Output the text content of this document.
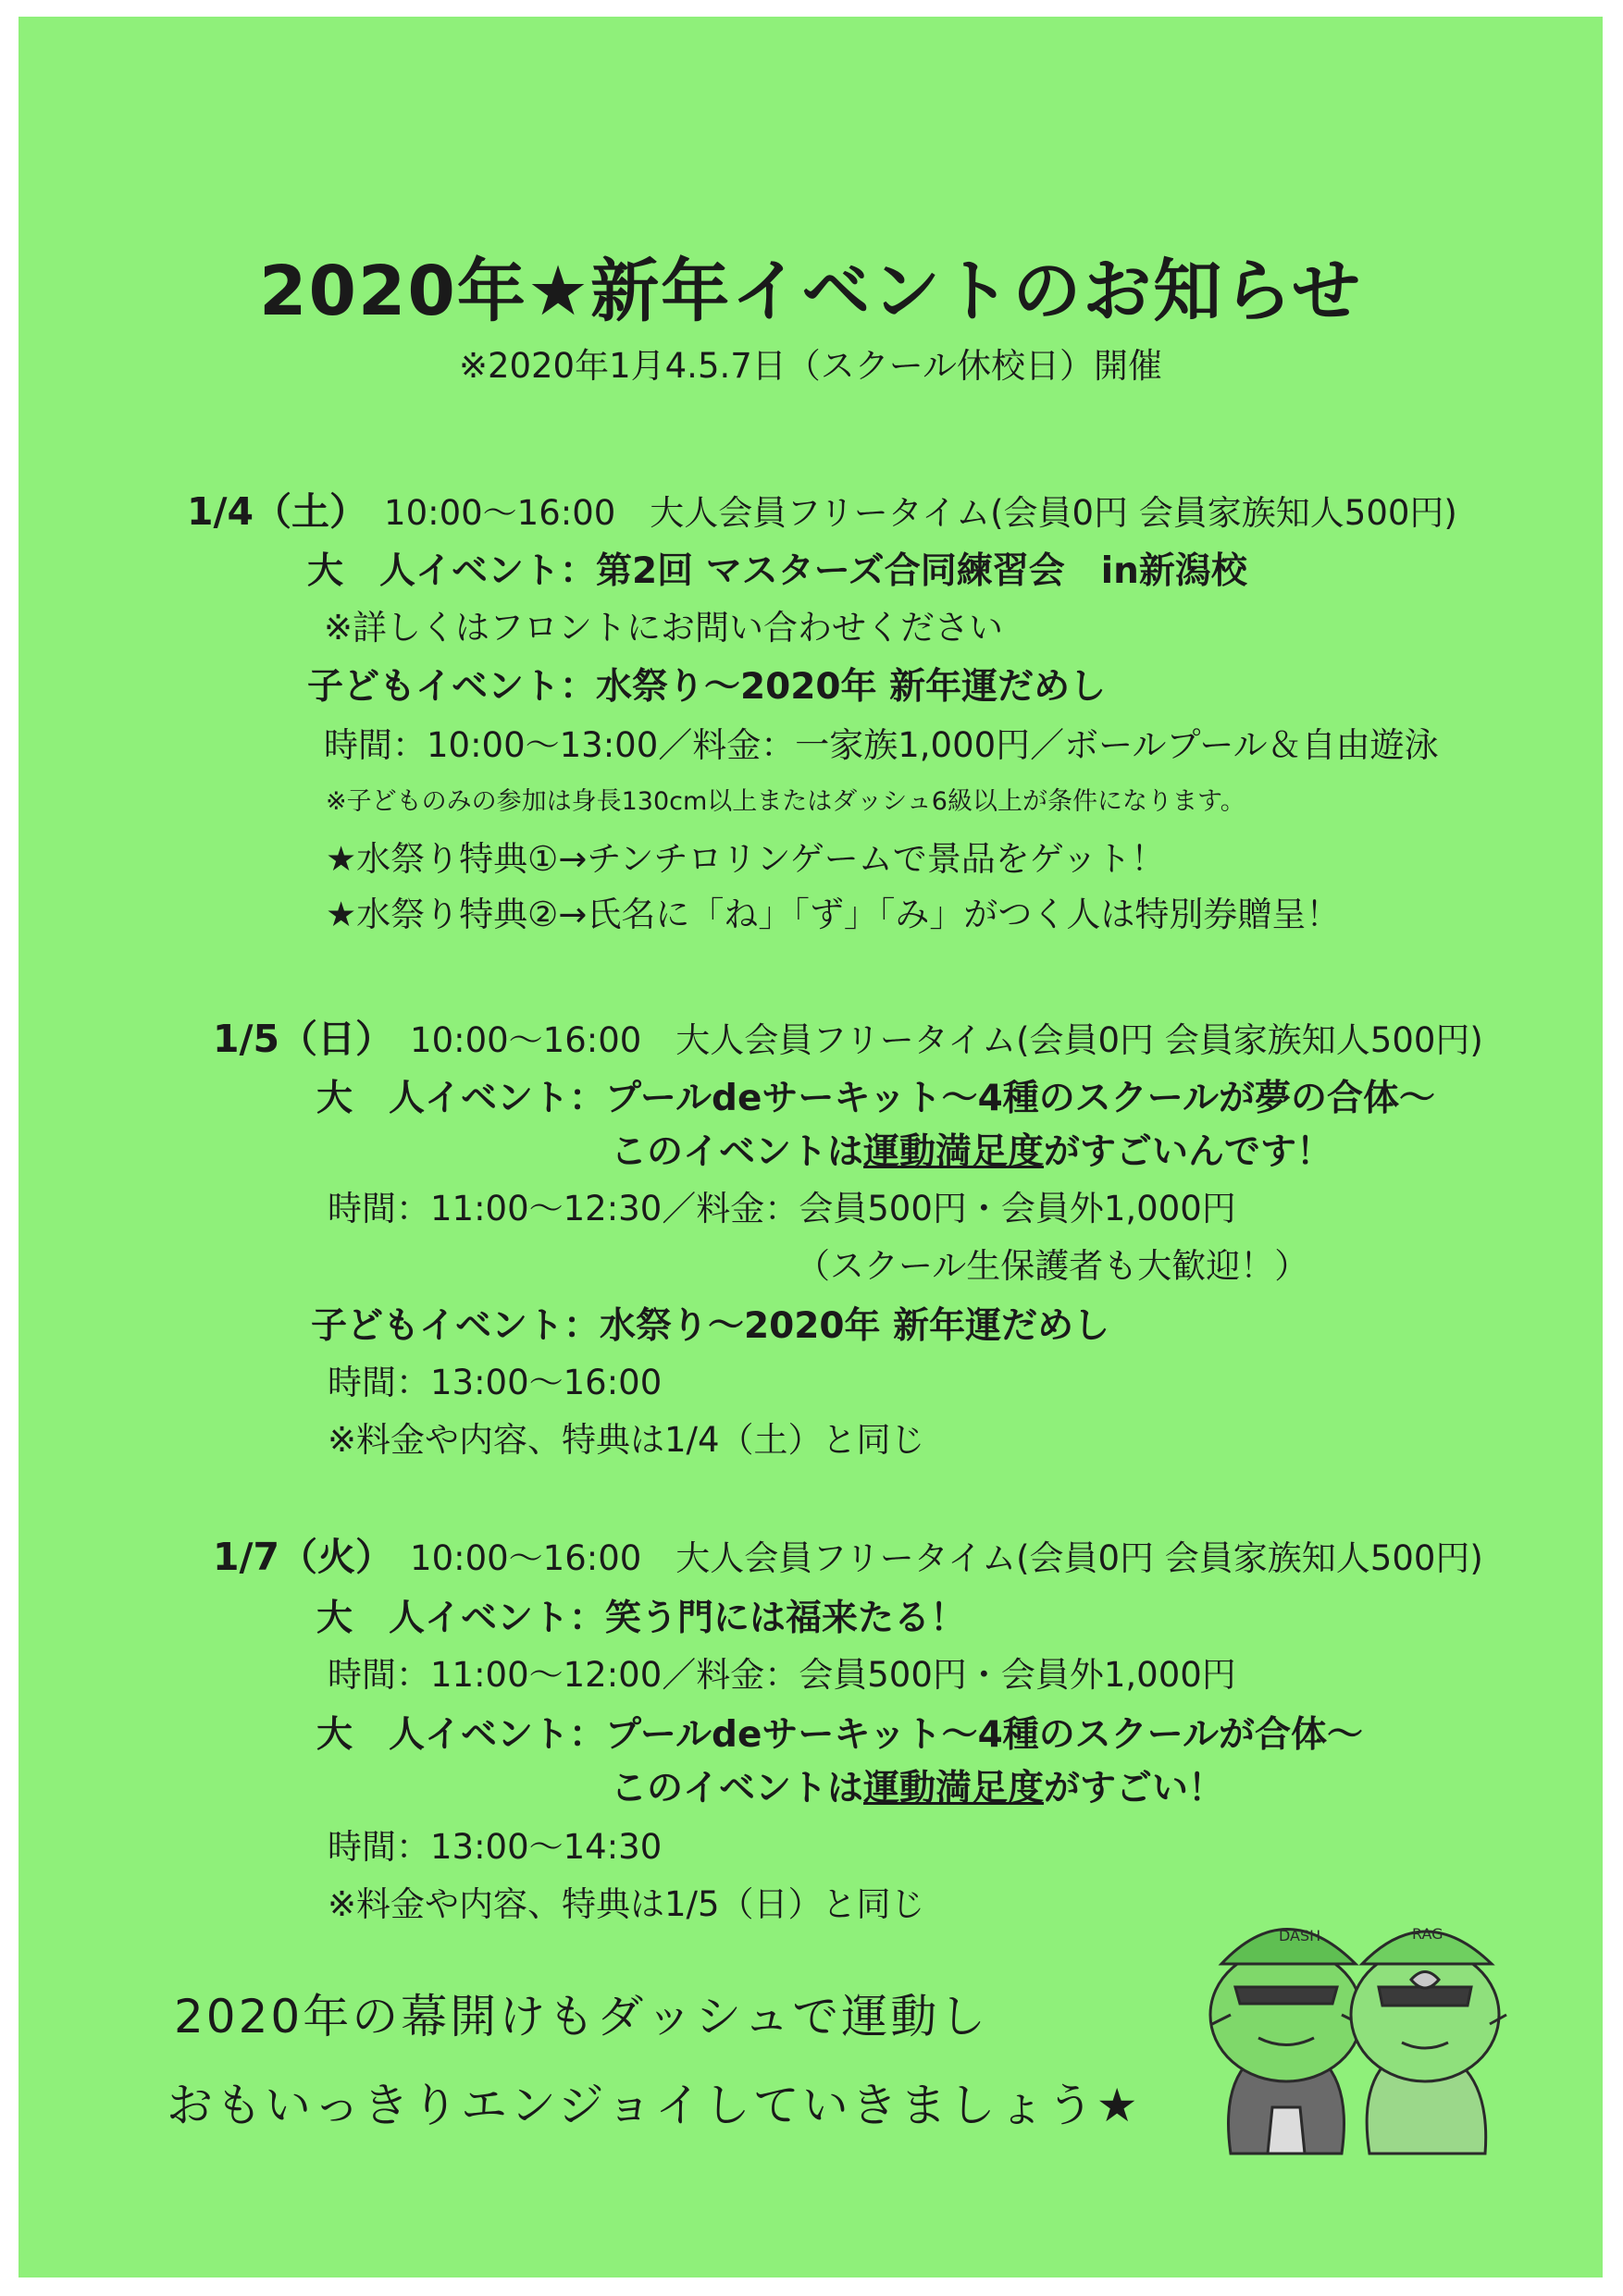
2020年★新年イベントのお知らせ
※2020年1月4.5.7日（スクール休校日）開催
1/4（土） 10:00～16:00　大人会員フリータイム(会員0円 会員家族知人500円)
大　人イベント：第2回 マスターズ合同練習会　in新潟校
※詳しくはフロントにお問い合わせください
子どもイベント：水祭り～2020年 新年運だめし
時間：10:00～13:00／料金：一家族1,000円／ボールプール＆自由遊泳
※子どものみの参加は身長130cm以上またはダッシュ6級以上が条件になります。
★水祭り特典①→チンチロリンゲームで景品をゲット！
★水祭り特典②→氏名に「ね」「ず」「み」がつく人は特別券贈呈！
1/5（日） 10:00～16:00　大人会員フリータイム(会員0円 会員家族知人500円)
大　人イベント：プールdeサーキット～4種のスクールが夢の合体～
このイベントは運動満足度がすごいんです！
時間：11:00～12:30／料金：会員500円・会員外1,000円
（スクール生保護者も大歓迎！）
子どもイベント：水祭り～2020年 新年運だめし
時間：13:00～16:00
※料金や内容、特典は1/4（土）と同じ
1/7（火） 10:00～16:00　大人会員フリータイム(会員0円 会員家族知人500円)
大　人イベント：笑う門には福来たる！
時間：11:00～12:00／料金：会員500円・会員外1,000円
大　人イベント：プールdeサーキット～4種のスクールが合体～
このイベントは運動満足度がすごい！
時間：13:00～14:30
※料金や内容、特典は1/5（日）と同じ
2020年の幕開けもダッシュで運動し
おもいっきりエンジョイしていきましょう★
DASH	RAG
